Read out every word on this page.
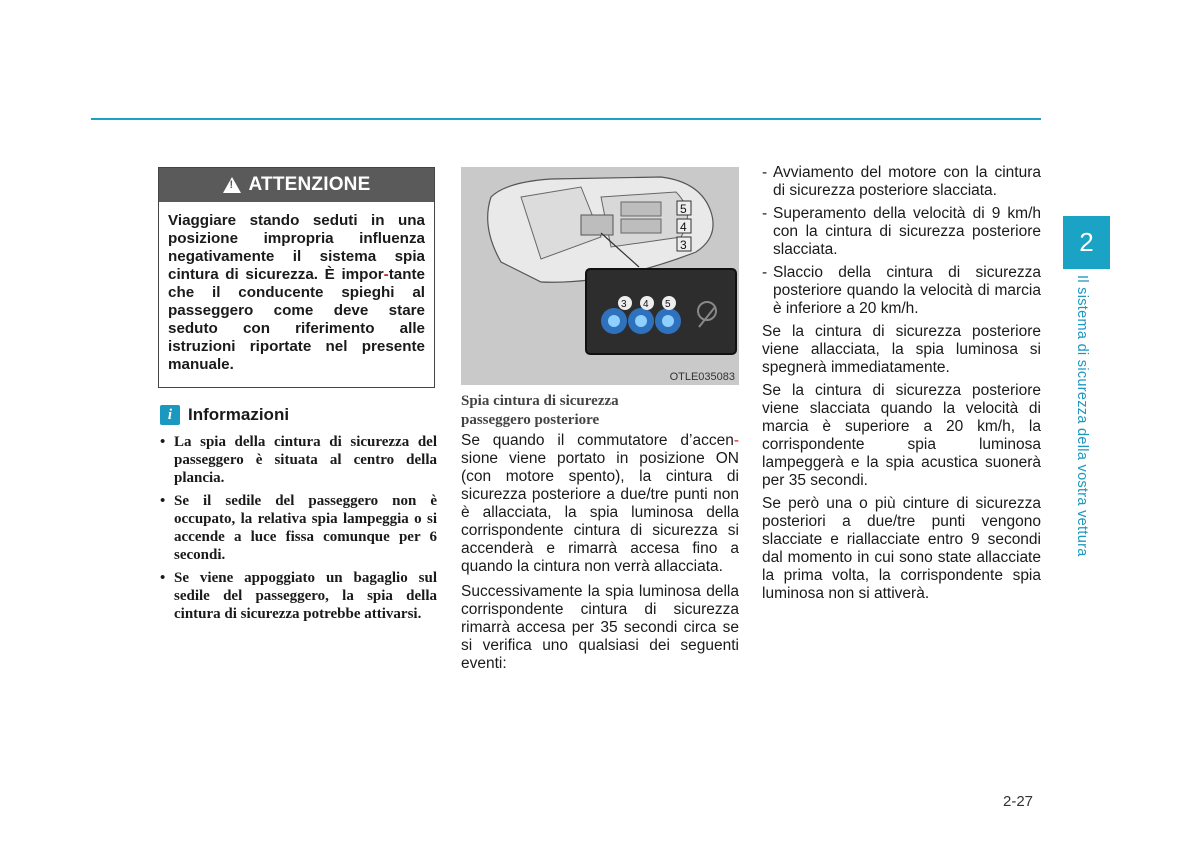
!
ATTENZIONE
Viaggiare stando seduti in una posizione impropria influenza negativamente il sistema spia cintura di sicurezza. È impor-tante che il conducente spieghi al passeggero come deve stare seduto con riferimento alle istruzioni riportate nel presente manuale.
i Informazioni
• La spia della cintura di sicurezza del passeggero è situata al centro della plancia.
• Se il sedile del passeggero non è occupato, la relativa spia lampeggia o si accende a luce fissa comunque per 6 secondi.
• Se viene appoggiato un bagaglio sul sedile del passeggero, la spia della cintura di sicurezza potrebbe attivarsi.
5
4
3
3 4 5
OTLE035083
Spia cintura di sicurezza
passeggero posteriore

Se quando il commutatore d’accen-sione viene portato in posizione ON (con motore spento), la cintura di sicurezza posteriore a due/tre punti non è allacciata, la spia luminosa della corrispondente cintura di sicurezza si accenderà e rimarrà accesa fino a quando la cintura non verrà allacciata.

Successivamente la spia luminosa della corrispondente cintura di sicurezza rimarrà accesa per 35 secondi circa se si verifica uno qualsiasi dei seguenti eventi:

- Avviamento del motore con la cintura di sicurezza posteriore slacciata.
- Superamento della velocità di 9 km/h con la cintura di sicurezza posteriore slacciata.
- Slaccio della cintura di sicurezza posteriore quando la velocità di marcia è inferiore a 20 km/h.

Se la cintura di sicurezza posteriore viene allacciata, la spia luminosa si spegnerà immediatamente.

Se la cintura di sicurezza posteriore viene slacciata quando la velocità di marcia è superiore a 20 km/h, la corrispondente spia luminosa lampeggerà e la spia acustica suonerà per 35 secondi.

Se però una o più cinture di sicurezza posteriori a due/tre punti vengono slacciate e riallacciate entro 9 secondi dal momento in cui sono state allacciate la prima volta, la corrispondente spia luminosa non si attiverà.

2
Il sistema di sicurezza della vostra vettura
2-27
